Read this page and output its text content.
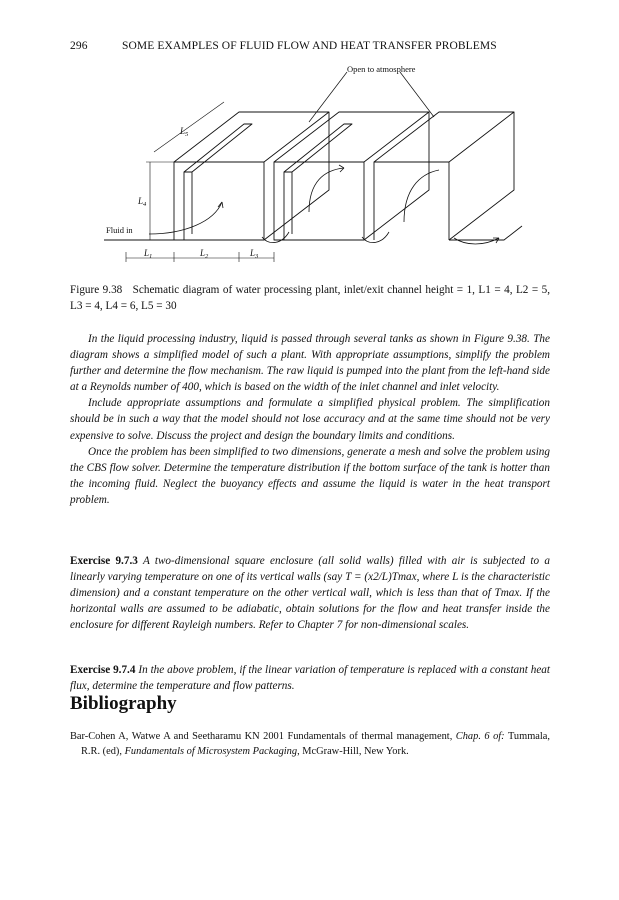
296	SOME EXAMPLES OF FLUID FLOW AND HEAT TRANSFER PROBLEMS
Open to atmosphere
Fluid in
$L_5$
$L_4$
$L_1$	$L_2$	$L_3$
Figure 9.38 Schematic diagram of water processing plant, inlet/exit channel height = 1, L1 = 4, L2 = 5, L3 = 4, L4 = 6, L5 = 30

In the liquid processing industry, liquid is passed through several tanks as shown in Figure 9.38. The diagram shows a simplified model of such a plant. With appropriate assumptions, simplify the problem further and determine the flow mechanism. The raw liquid is pumped into the plant from the left-hand side at a Reynolds number of 400, which is based on the width of the inlet channel and inlet velocity.

Include appropriate assumptions and formulate a simplified physical problem. The simplification should be in such a way that the model should not lose accuracy and at the same time should not be very expensive to solve. Discuss the project and design the boundary limits and conditions.

Once the problem has been simplified to two dimensions, generate a mesh and solve the problem using the CBS flow solver. Determine the temperature distribution if the bottom surface of the tank is hotter than the incoming fluid. Neglect the buoyancy effects and assume the liquid is water in the heat transport problem.

Exercise 9.7.3 A two-dimensional square enclosure (all solid walls) filled with air is subjected to a linearly varying temperature on one of its vertical walls (say T = (x2/L)Tmax, where L is the characteristic dimension) and a constant temperature on the other vertical wall, which is less than that of Tmax. If the horizontal walls are assumed to be adiabatic, obtain solutions for the flow and heat transfer inside the enclosure for different Rayleigh numbers. Refer to Chapter 7 for non-dimensional scales.

Exercise 9.7.4 In the above problem, if the linear variation of temperature is replaced with a constant heat flux, determine the temperature and flow patterns.

Bibliography
Bar-Cohen A, Watwe A and Seetharamu KN 2001 Fundamentals of thermal management, Chap. 6 of: Tummala, R.R. (ed), Fundamentals of Microsystem Packaging, McGraw-Hill, New York.
